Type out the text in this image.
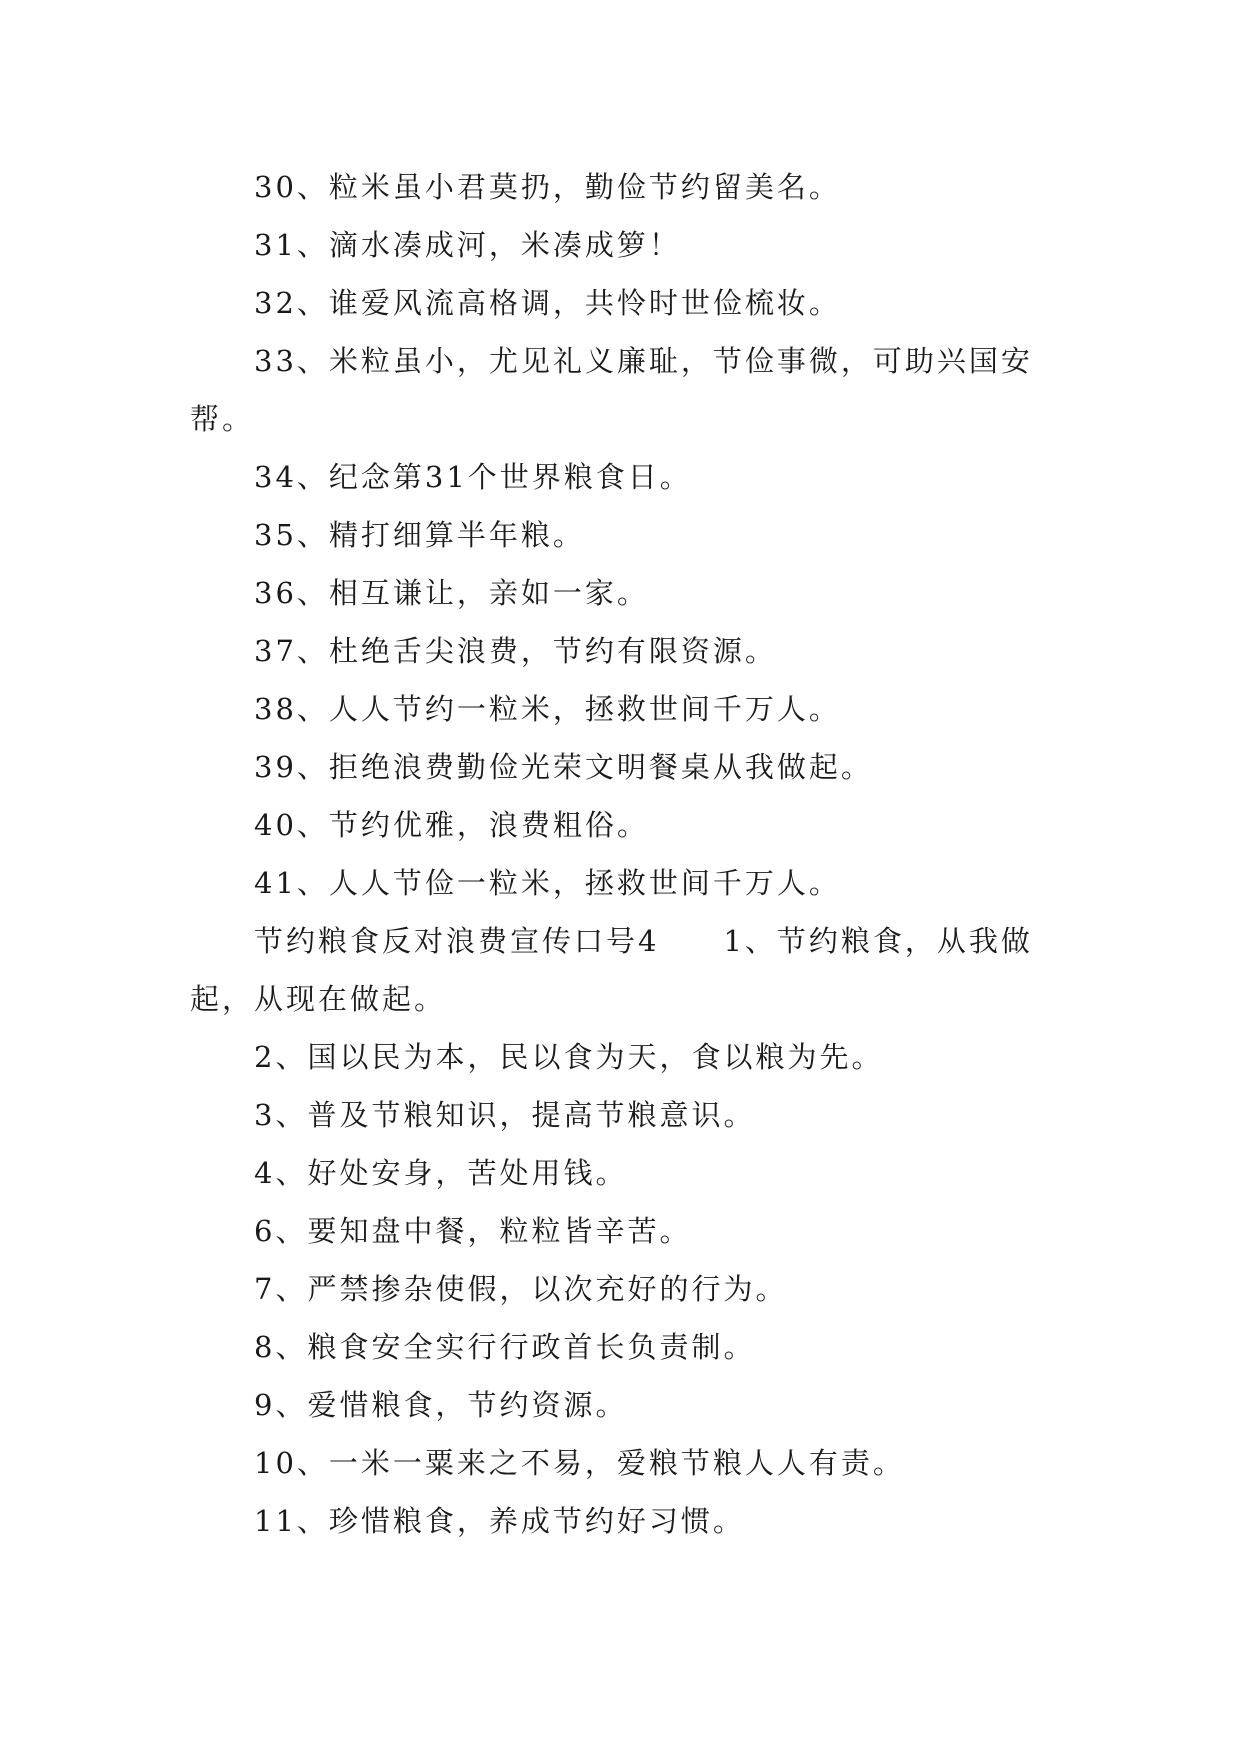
30、粒米虽小君莫扔，勤俭节约留美名。

31、滴水凑成河，米凑成箩！

32、谁爱风流高格调，共怜时世俭梳妆。

33、米粒虽小，尤见礼义廉耻，节俭事微，可助兴国安帮。

34、纪念第31个世界粮食日。

35、精打细算半年粮。

36、相互谦让，亲如一家。

37、杜绝舌尖浪费，节约有限资源。

38、人人节约一粒米，拯救世间千万人。

39、拒绝浪费勤俭光荣文明餐桌从我做起。

40、节约优雅，浪费粗俗。

41、人人节俭一粒米，拯救世间千万人。

节约粮食反对浪费宣传口号4　　1、节约粮食，从我做起，从现在做起。

2、国以民为本，民以食为天，食以粮为先。

3、普及节粮知识，提高节粮意识。

4、好处安身，苦处用钱。

6、要知盘中餐，粒粒皆辛苦。

7、严禁掺杂使假，以次充好的行为。

8、粮食安全实行行政首长负责制。

9、爱惜粮食，节约资源。

10、一米一粟来之不易，爱粮节粮人人有责。

11、珍惜粮食，养成节约好习惯。
